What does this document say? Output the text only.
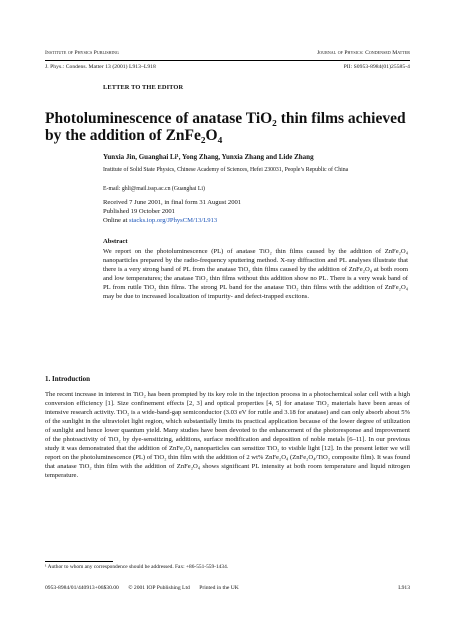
Institute of Physics Publishing	Journal of Physics: Condensed Matter
J. Phys.: Condens. Matter 13 (2001) L913–L918	PII: S0953-8984(01)25585-4
LETTER TO THE EDITOR
Photoluminescence of anatase TiO₂ thin films achieved by the addition of ZnFe₂O₄
Yunxia Jin, Guanghai Li¹, Yong Zhang, Yunxia Zhang and Lide Zhang
Institute of Solid State Physics, Chinese Academy of Sciences, Hefei 230031, People’s Republic of China
E-mail: ghli@mail.issp.ac.cn (Guanghai Li)
Received 7 June 2001, in final form 31 August 2001
Published 19 October 2001
Online at stacks.iop.org/JPhysCM/13/L913
Abstract
We report on the photoluminescence (PL) of anatase TiO₂ thin films caused by the addition of ZnFe₂O₄ nanoparticles prepared by the radio-frequency sputtering method. X-ray diffraction and PL analyses illustrate that there is a very strong band of PL from the anatase TiO₂ thin films caused by the addition of ZnFe₂O₄ at both room and low temperatures; the anatase TiO₂ thin films without this addition show no PL. There is a very weak band of PL from rutile TiO₂ thin films. The strong PL band for the anatase TiO₂ thin films with the addition of ZnFe₂O₄ may be due to increased localization of impurity- and defect-trapped excitons.
1. Introduction
The recent increase in interest in TiO₂ has been prompted by its key role in the injection process in a photochemical solar cell with a high conversion efficiency [1]. Size confinement effects [2, 3] and optical properties [4, 5] for anatase TiO₂ materials have been areas of intensive research activity. TiO₂ is a wide-band-gap semiconductor (3.03 eV for rutile and 3.18 for anatase) and can only absorb about 5% of the sunlight in the ultraviolet light region, which substantially limits its practical application because of the lower degree of utilization of sunlight and hence lower quantum yield. Many studies have been devoted to the enhancement of the photoresponse and improvement of the photoactivity of TiO₂ by dye-sensitizing, additions, surface modification and deposition of noble metals [6–11]. In our previous study it was demonstrated that the addition of ZnFe₂O₄ nanoparticles can sensitize TiO₂ to visible light [12]. In the present letter we will report on the photoluminescence (PL) of TiO₂ thin film with the addition of 2 wt% ZnFe₂O₄ (ZnFe₂O₄/TiO₂ composite film). It was found that anatase TiO₂ thin film with the addition of ZnFe₂O₄ shows significant PL intensity at both room temperature and liquid nitrogen temperature.
¹ Author to whom any correspondence should be addressed. Fax: +86-551-559-1434.
0953-8984/01/440913+06$30.00 © 2001 IOP Publishing Ltd Printed in the UK	L913
